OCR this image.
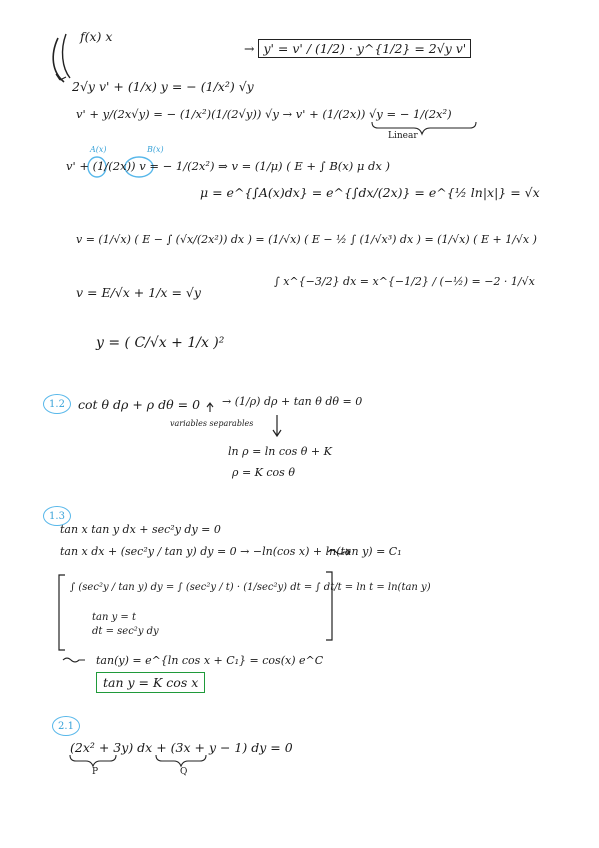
f(x) x
→ y' = v' / (1/2) · y^{1/2} = 2√y v'
2√y v' + (1/x) y = − (1/x²) √y
v' + y/(2x√y) = − (1/x²)(1/(2√y)) √y → v' + (1/(2x)) √y = − 1/(2x²)
Linear
A(x)	B(x)
v' + (1/(2x)) v = − 1/(2x²) ⇒ v = (1/μ) ( E + ∫ B(x) μ dx )
μ = e^{∫A(x)dx} = e^{∫dx/(2x)} = e^{½ ln|x|} = √x
v = (1/√x) ( E − ∫ (√x/(2x²)) dx ) = (1/√x) ( E − ½ ∫ (1/√x³) dx ) = (1/√x) ( E + 1/√x )
v = E/√x + 1/x = √y
∫ x^{−3/2} dx = x^{−1/2} / (−½) = −2 · 1/√x
y = ( C/√x + 1/x )²
1.2	cot θ dρ + ρ dθ = 0 → (1/ρ) dρ + tan θ dθ = 0
variables separables
ln ρ = ln cos θ + K
ρ = K cos θ
1.3
tan x tan y dx + sec²y dy = 0
tan x dx + (sec²y / tan y) dy = 0 → −ln(cos x) + ln(tan y) = C₁
∫ (sec²y / tan y) dy = ∫ (sec²y / t) · (1/sec²y) dt = ∫ dt/t = ln t = ln(tan y)
tan y = t
dt = sec²y dy
tan(y) = e^{ln cos x + C₁} = cos(x) e^C
tan y = K cos x
2.1
(2x² + 3y) dx + (3x + y − 1) dy = 0
P	Q
